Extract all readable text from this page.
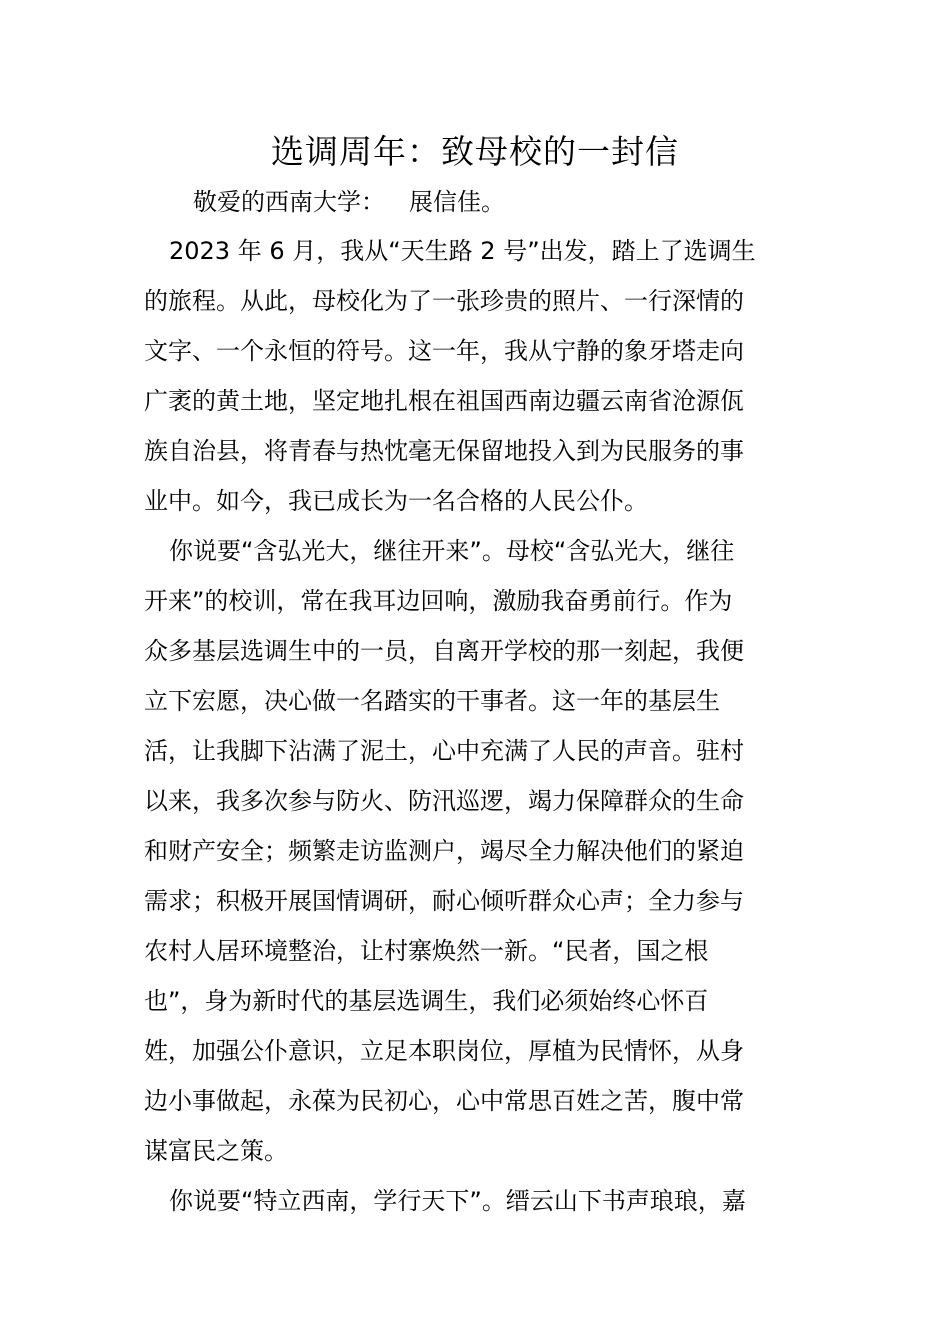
选调周年：致母校的一封信
敬爱的西南大学： 展信佳。
2023 年 6 月，我从“天生路 2 号”出发，踏上了选调生
的旅程。从此，母校化为了一张珍贵的照片、一行深情的
文字、一个永恒的符号。这一年，我从宁静的象牙塔走向
广袤的黄土地，坚定地扎根在祖国西南边疆云南省沧源佤
族自治县，将青春与热忱毫无保留地投入到为民服务的事
业中。如今，我已成长为一名合格的人民公仆。
你说要“含弘光大，继往开来”。母校“含弘光大，继往
开来”的校训，常在我耳边回响，激励我奋勇前行。作为
众多基层选调生中的一员，自离开学校的那一刻起，我便
立下宏愿，决心做一名踏实的干事者。这一年的基层生
活，让我脚下沾满了泥土，心中充满了人民的声音。驻村
以来，我多次参与防火、防汛巡逻，竭力保障群众的生命
和财产安全；频繁走访监测户，竭尽全力解决他们的紧迫
需求；积极开展国情调研，耐心倾听群众心声；全力参与
农村人居环境整治，让村寨焕然一新。“民者，国之根
也”，身为新时代的基层选调生，我们必须始终心怀百
姓，加强公仆意识，立足本职岗位，厚植为民情怀，从身
边小事做起，永葆为民初心，心中常思百姓之苦，腹中常
谋富民之策。
你说要“特立西南，学行天下”。缙云山下书声琅琅，嘉
